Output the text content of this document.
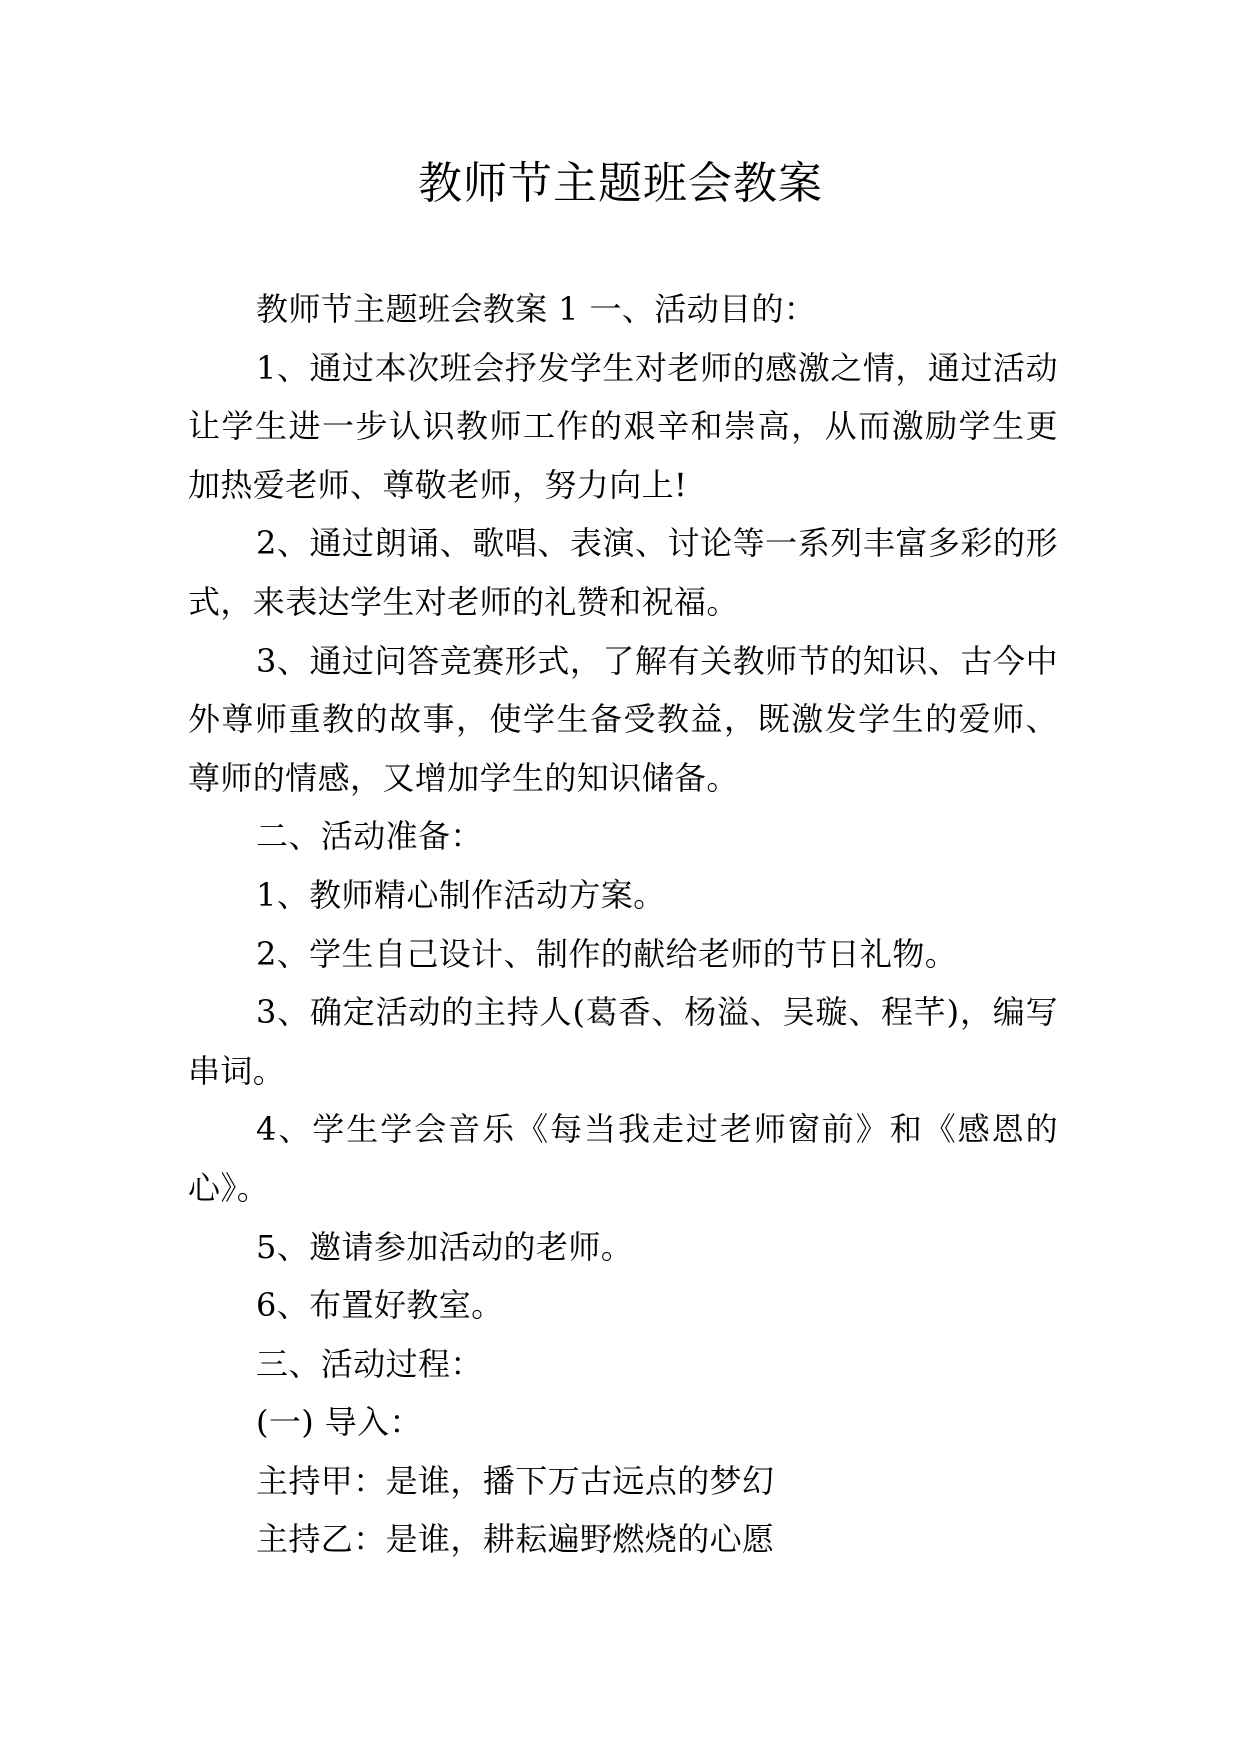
教师节主题班会教案

教师节主题班会教案 1 一、活动目的：

1、通过本次班会抒发学生对老师的感激之情，通过活动让学生进一步认识教师工作的艰辛和崇高，从而激励学生更加热爱老师、尊敬老师，努力向上!

2、通过朗诵、歌唱、表演、讨论等一系列丰富多彩的形式，来表达学生对老师的礼赞和祝福。

3、通过问答竞赛形式，了解有关教师节的知识、古今中外尊师重教的故事，使学生备受教益，既激发学生的爱师、尊师的情感，又增加学生的知识储备。

二、活动准备：

1、教师精心制作活动方案。

2、学生自己设计、制作的献给老师的节日礼物。

3、确定活动的主持人(葛香、杨溢、吴璇、程芊)，编写串词。

4、学生学会音乐《每当我走过老师窗前》和《感恩的心》。

5、邀请参加活动的老师。

6、布置好教室。

三、活动过程：

(一) 导入：

主持甲：是谁，播下万古远点的梦幻

主持乙：是谁，耕耘遍野燃烧的心愿
